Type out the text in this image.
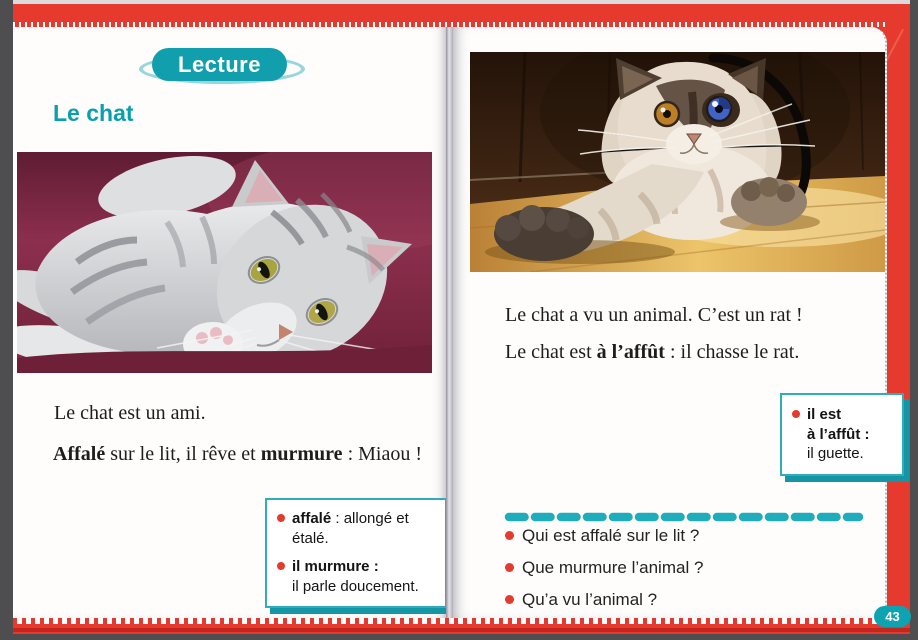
Lecture
Le chat
Le chat est un ami.
Affalé sur le lit, il rêve et murmure : Miaou !
affalé : allongé et étalé.
il murmure :
il parle doucement.
Le chat a vu un animal. C’est un rat !
Le chat est à l’affût : il chasse le rat.
il est
à l’affût :
il guette.
Qui est affalé sur le lit ?
Que murmure l’animal ?
Qu’a vu l’animal ?
43
